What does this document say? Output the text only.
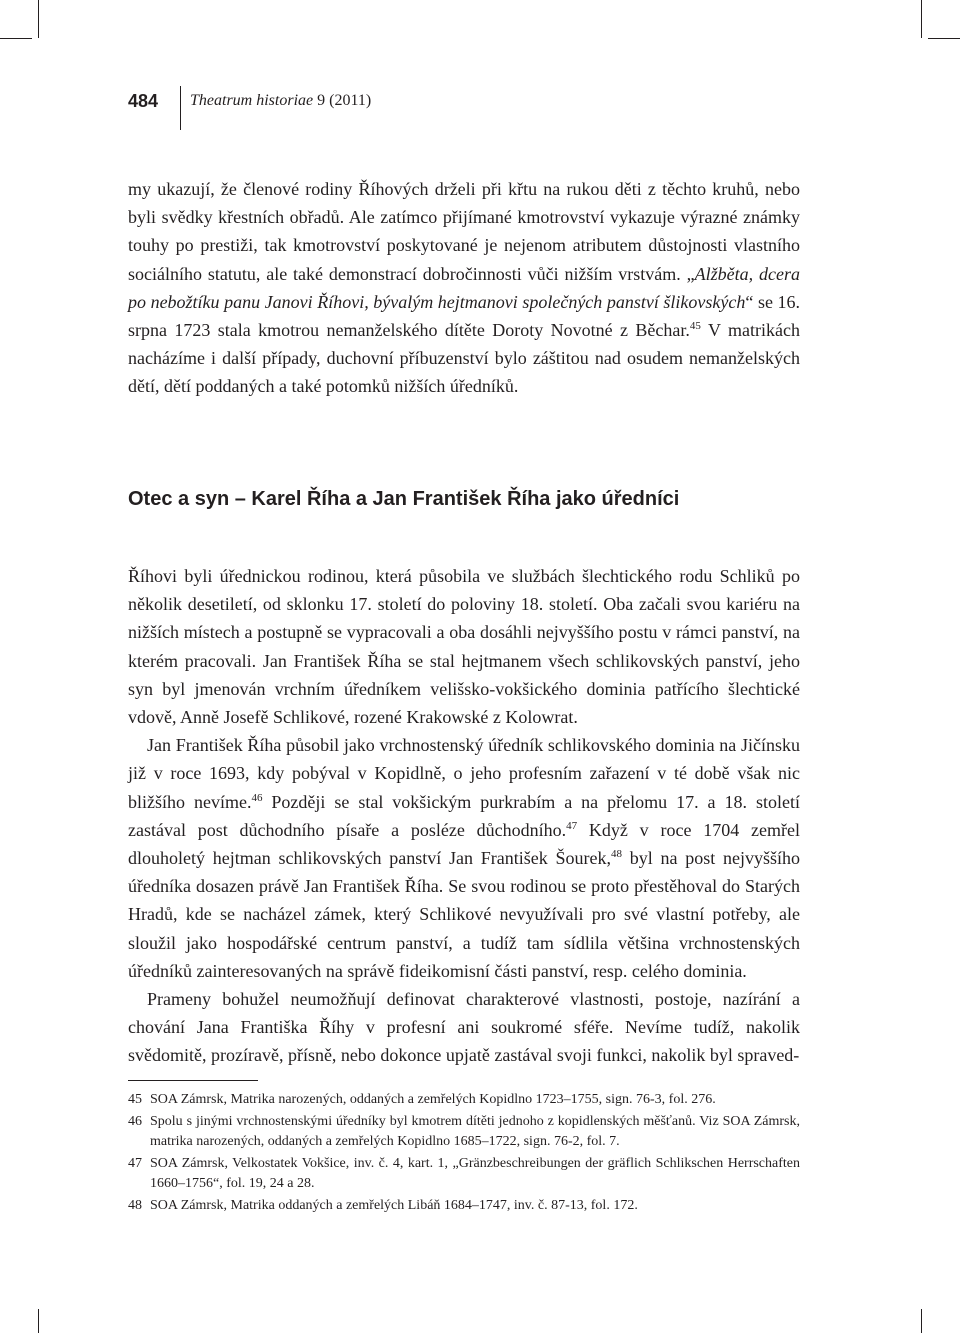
484 Theatrum historiae 9 (2011)

my ukazují, že členové rodiny Říhových drželi při křtu na rukou děti z těchto kruhů, nebo byli svědky křestních obřadů. Ale zatímco přijímané kmotrovství vykazuje výrazné známky touhy po prestiži, tak kmotrovství poskytované je nejenom atributem důstojnosti vlastního sociálního statutu, ale také demonstrací dobročinnosti vůči nižším vrstvám. „Alžběta, dcera po nebožtíku panu Janovi Říhovi, bývalým hejtmanovi společných panství šlikovských“ se 16. srpna 1723 stala kmotrou nemanželského dítěte Doroty Novotné z Běchar.$^{45}$ V matrikách nacházíme i další případy, duchovní příbuzenství bylo záštitou nad osudem nemanželských dětí, dětí poddaných a také potomků nižších úředníků.

Otec a syn – Karel Říha a Jan František Říha jako úředníci

Říhovi byli úřednickou rodinou, která působila ve službách šlechtického rodu Schliků po několik desetiletí, od sklonku 17. století do poloviny 18. století. Oba začali svou kariéru na nižších místech a postupně se vypracovali a oba dosáhli nejvyššího postu v rámci panství, na kterém pracovali. Jan František Říha se stal hejtmanem všech schlikovských panství, jeho syn byl jmenován vrchním úředníkem velišsko-vokšického dominia patřícího šlechtické vdově, Anně Josefě Schlikové, rozené Krakowské z Kolowrat.

Jan František Říha působil jako vrchnostenský úředník schlikovského dominia na Jičínsku již v roce 1693, kdy pobýval v Kopidlně, o jeho profesním zařazení v té době však nic bližšího nevíme.$^{46}$ Později se stal vokšickým purkrabím a na přelomu 17. a 18. století zastával post důchodního písaře a posléze důchodního.$^{47}$ Když v roce 1704 zemřel dlouholetý hejtman schlikovských panství Jan František Šourek,$^{48}$ byl na post nejvyššího úředníka dosazen právě Jan František Říha. Se svou rodinou se proto přestěhoval do Starých Hradů, kde se nacházel zámek, který Schlikové nevyužívali pro své vlastní potřeby, ale sloužil jako hospodářské centrum panství, a tudíž tam sídlila většina vrchnostenských úředníků zainteresovaných na správě fideikomisní části panství, resp. celého dominia.

Prameny bohužel neumožňují definovat charakterové vlastnosti, postoje, nazírání a chování Jana Františka Říhy v profesní ani soukromé sféře. Nevíme tudíž, nakolik svědomitě, prozíravě, přísně, nebo dokonce upjatě zastával svoji funkci, nakolik byl spraved-

45 SOA Zámrsk, Matrika narozených, oddaných a zemřelých Kopidlno 1723–1755, sign. 76-3, fol. 276.
46 Spolu s jinými vrchnostenskými úředníky byl kmotrem dítěti jednoho z kopidlenských měšťanů. Viz SOA Zámrsk, matrika narozených, oddaných a zemřelých Kopidlno 1685–1722, sign. 76-2, fol. 7.
47 SOA Zámrsk, Velkostatek Vokšice, inv. č. 4, kart. 1, „Gränzbeschreibungen der gräflich Schlikschen Herrschaften 1660–1756“, fol. 19, 24 a 28.
48 SOA Zámrsk, Matrika oddaných a zemřelých Libáň 1684–1747, inv. č. 87-13, fol. 172.
